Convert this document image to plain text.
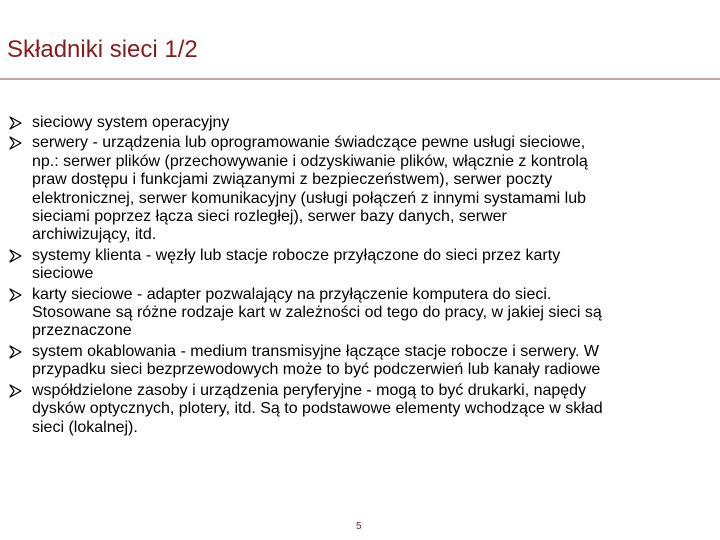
Składniki sieci 1/2
sieciowy system operacyjny
serwery - urządzenia lub oprogramowanie świadczące pewne usługi sieciowe, np.: serwer plików (przechowywanie i odzyskiwanie plików, włącznie z kontrolą praw dostępu i funkcjami związanymi z bezpieczeństwem), serwer poczty elektronicznej, serwer komunikacyjny (usługi połączeń z innymi systamami lub sieciami poprzez łącza sieci rozległej), serwer bazy danych, serwer archiwizujący, itd.
systemy klienta - węzły lub stacje robocze przyłączone do sieci przez karty sieciowe
karty sieciowe - adapter pozwalający na przyłączenie komputera do sieci. Stosowane są różne rodzaje kart w zależności od tego do pracy, w jakiej sieci są przeznaczone
system okablowania - medium transmisyjne łączące stacje robocze i serwery. W przypadku sieci bezprzewodowych może to być podczerwień lub kanały radiowe
współdzielone zasoby i urządzenia peryferyjne - mogą to być drukarki, napędy dysków optycznych, plotery, itd. Są to podstawowe elementy wchodzące w skład sieci (lokalnej).
5
